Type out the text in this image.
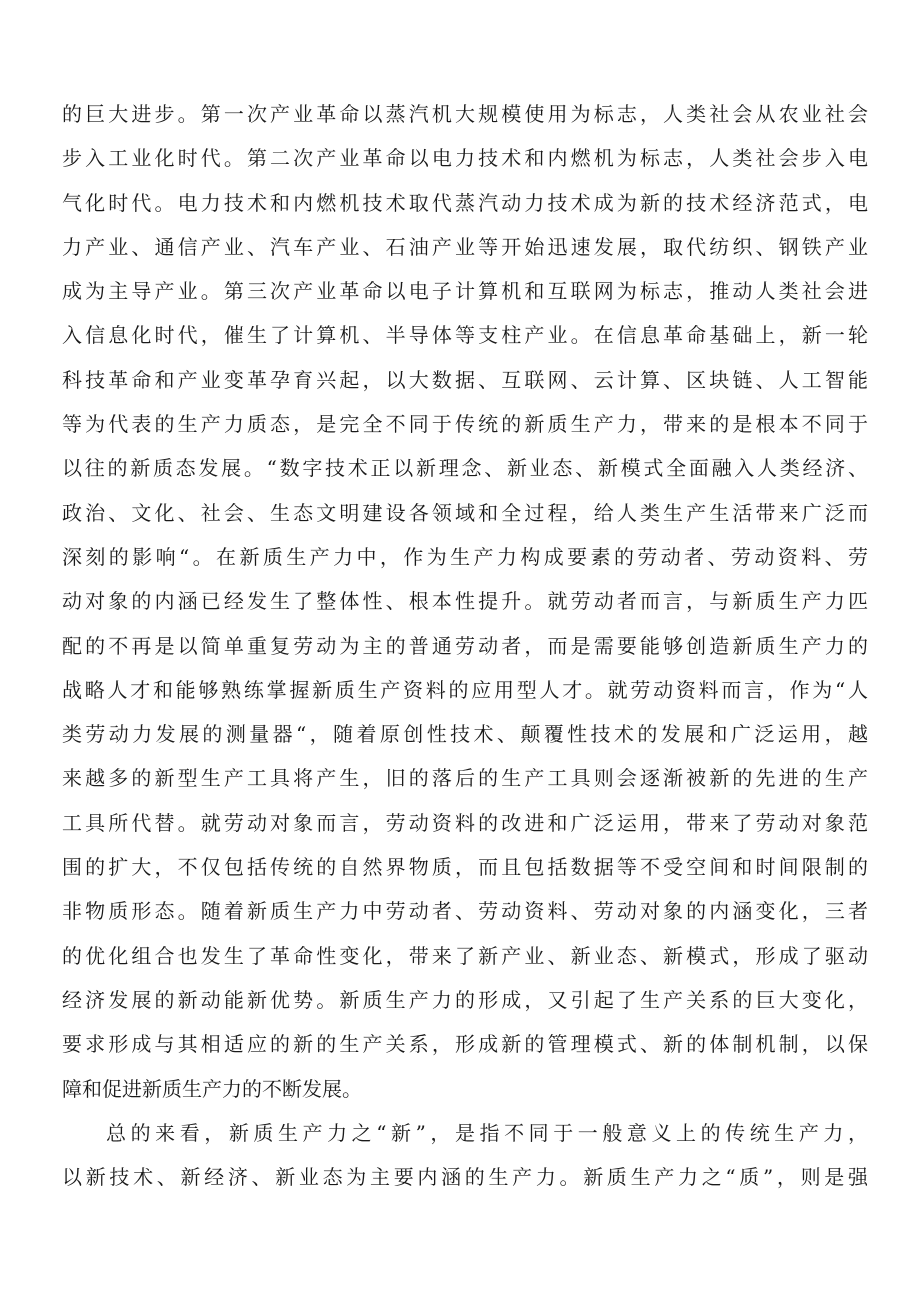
的巨大进步。第一次产业革命以蒸汽机大规模使用为标志，人类社会从农业社会
步入工业化时代。第二次产业革命以电力技术和内燃机为标志，人类社会步入电
气化时代。电力技术和内燃机技术取代蒸汽动力技术成为新的技术经济范式，电
力产业、通信产业、汽车产业、石油产业等开始迅速发展，取代纺织、钢铁产业
成为主导产业。第三次产业革命以电子计算机和互联网为标志，推动人类社会进
入信息化时代，催生了计算机、半导体等支柱产业。在信息革命基础上，新一轮
科技革命和产业变革孕育兴起，以大数据、互联网、云计算、区块链、人工智能
等为代表的生产力质态，是完全不同于传统的新质生产力，带来的是根本不同于
以往的新质态发展。“数字技术正以新理念、新业态、新模式全面融入人类经济、
政治、文化、社会、生态文明建设各领域和全过程，给人类生产生活带来广泛而
深刻的影响“。在新质生产力中，作为生产力构成要素的劳动者、劳动资料、劳
动对象的内涵已经发生了整体性、根本性提升。就劳动者而言，与新质生产力匹
配的不再是以简单重复劳动为主的普通劳动者，而是需要能够创造新质生产力的
战略人才和能够熟练掌握新质生产资料的应用型人才。就劳动资料而言，作为“人
类劳动力发展的测量器“，随着原创性技术、颠覆性技术的发展和广泛运用，越
来越多的新型生产工具将产生，旧的落后的生产工具则会逐渐被新的先进的生产
工具所代替。就劳动对象而言，劳动资料的改进和广泛运用，带来了劳动对象范
围的扩大，不仅包括传统的自然界物质，而且包括数据等不受空间和时间限制的
非物质形态。随着新质生产力中劳动者、劳动资料、劳动对象的内涵变化，三者
的优化组合也发生了革命性变化，带来了新产业、新业态、新模式，形成了驱动
经济发展的新动能新优势。新质生产力的形成，又引起了生产关系的巨大变化，
要求形成与其相适应的新的生产关系，形成新的管理模式、新的体制机制，以保
障和促进新质生产力的不断发展。
总的来看，新质生产力之“新”，是指不同于一般意义上的传统生产力，
以新技术、新经济、新业态为主要内涵的生产力。新质生产力之“质”，则是强
